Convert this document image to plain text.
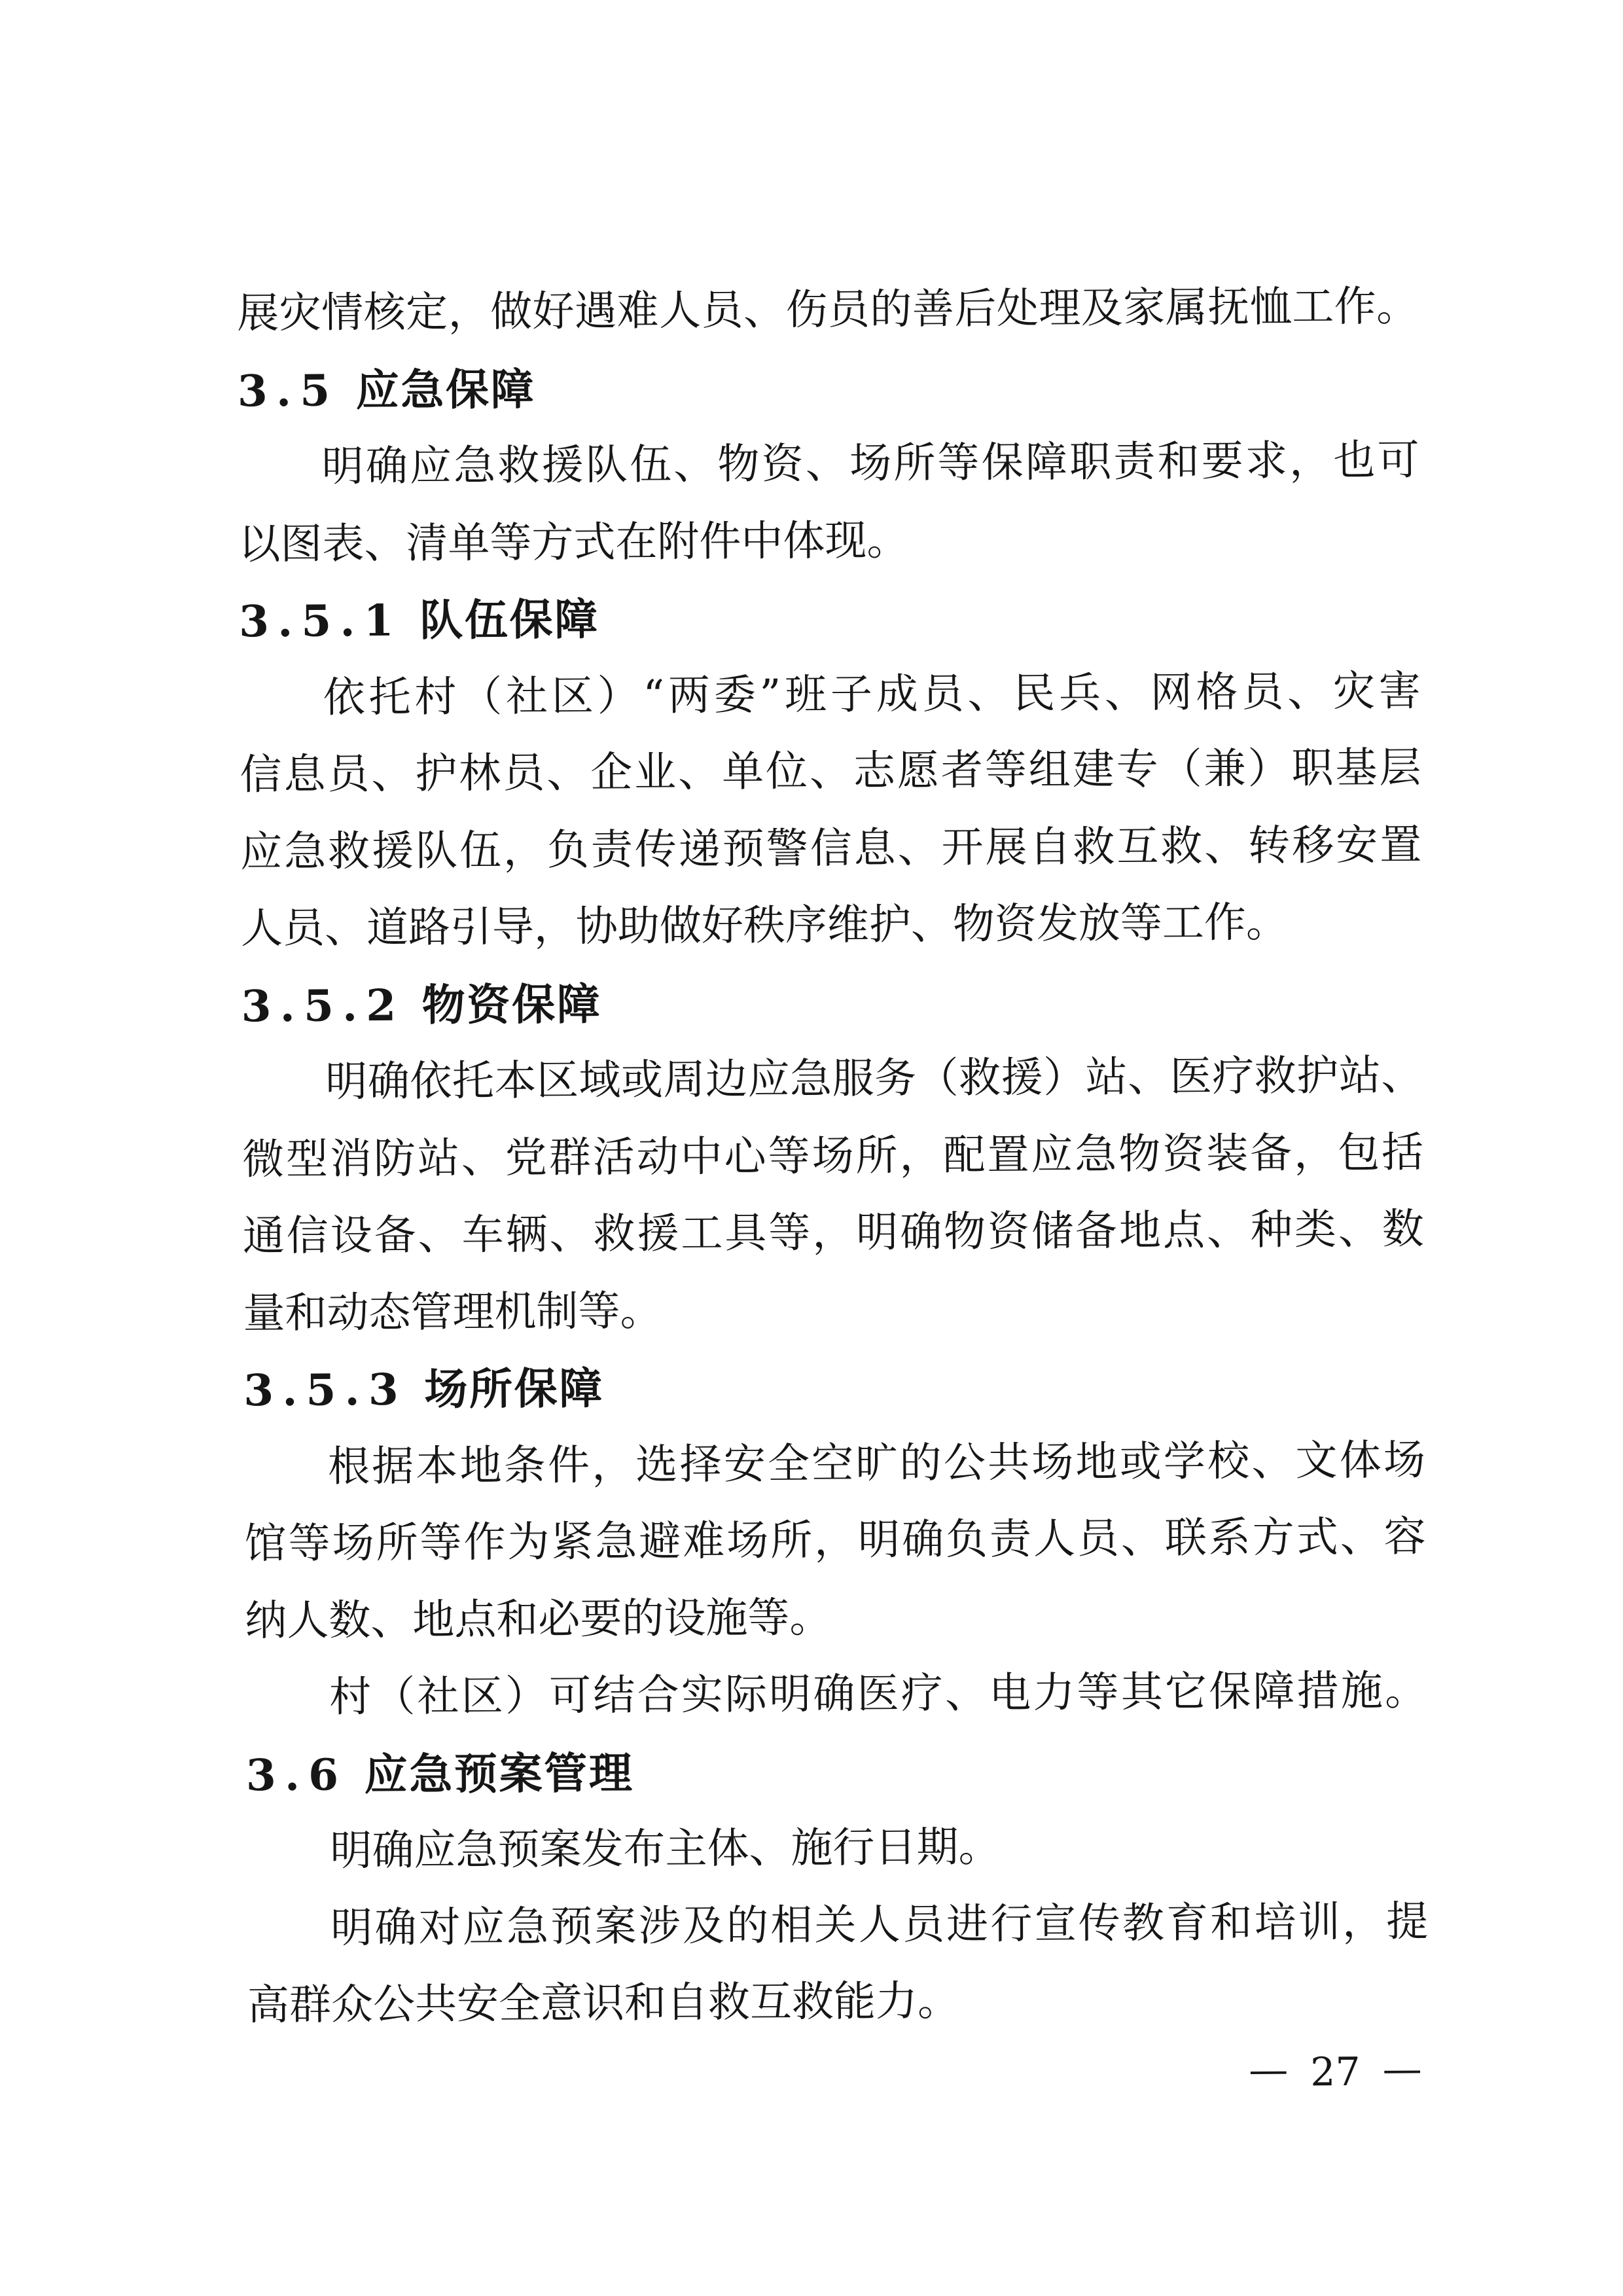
展灾情核定，做好遇难人员、伤员的善后处理及家属抚恤工作。
3.5 应急保障
明确应急救援队伍、物资、场所等保障职责和要求，也可
以图表、清单等方式在附件中体现。
3.5.1 队伍保障
依托村（社区）“两委”班子成员、民兵、网格员、灾害
信息员、护林员、企业、单位、志愿者等组建专（兼）职基层
应急救援队伍，负责传递预警信息、开展自救互救、转移安置
人员、道路引导，协助做好秩序维护、物资发放等工作。
3.5.2 物资保障
明确依托本区域或周边应急服务（救援）站、医疗救护站、
微型消防站、党群活动中心等场所，配置应急物资装备，包括
通信设备、车辆、救援工具等，明确物资储备地点、种类、数
量和动态管理机制等。
3.5.3 场所保障
根据本地条件，选择安全空旷的公共场地或学校、文体场
馆等场所等作为紧急避难场所，明确负责人员、联系方式、容
纳人数、地点和必要的设施等。
村（社区）可结合实际明确医疗、电力等其它保障措施。
3.6 应急预案管理
明确应急预案发布主体、施行日期。
明确对应急预案涉及的相关人员进行宣传教育和培训，提
高群众公共安全意识和自救互救能力。
— 27 —
